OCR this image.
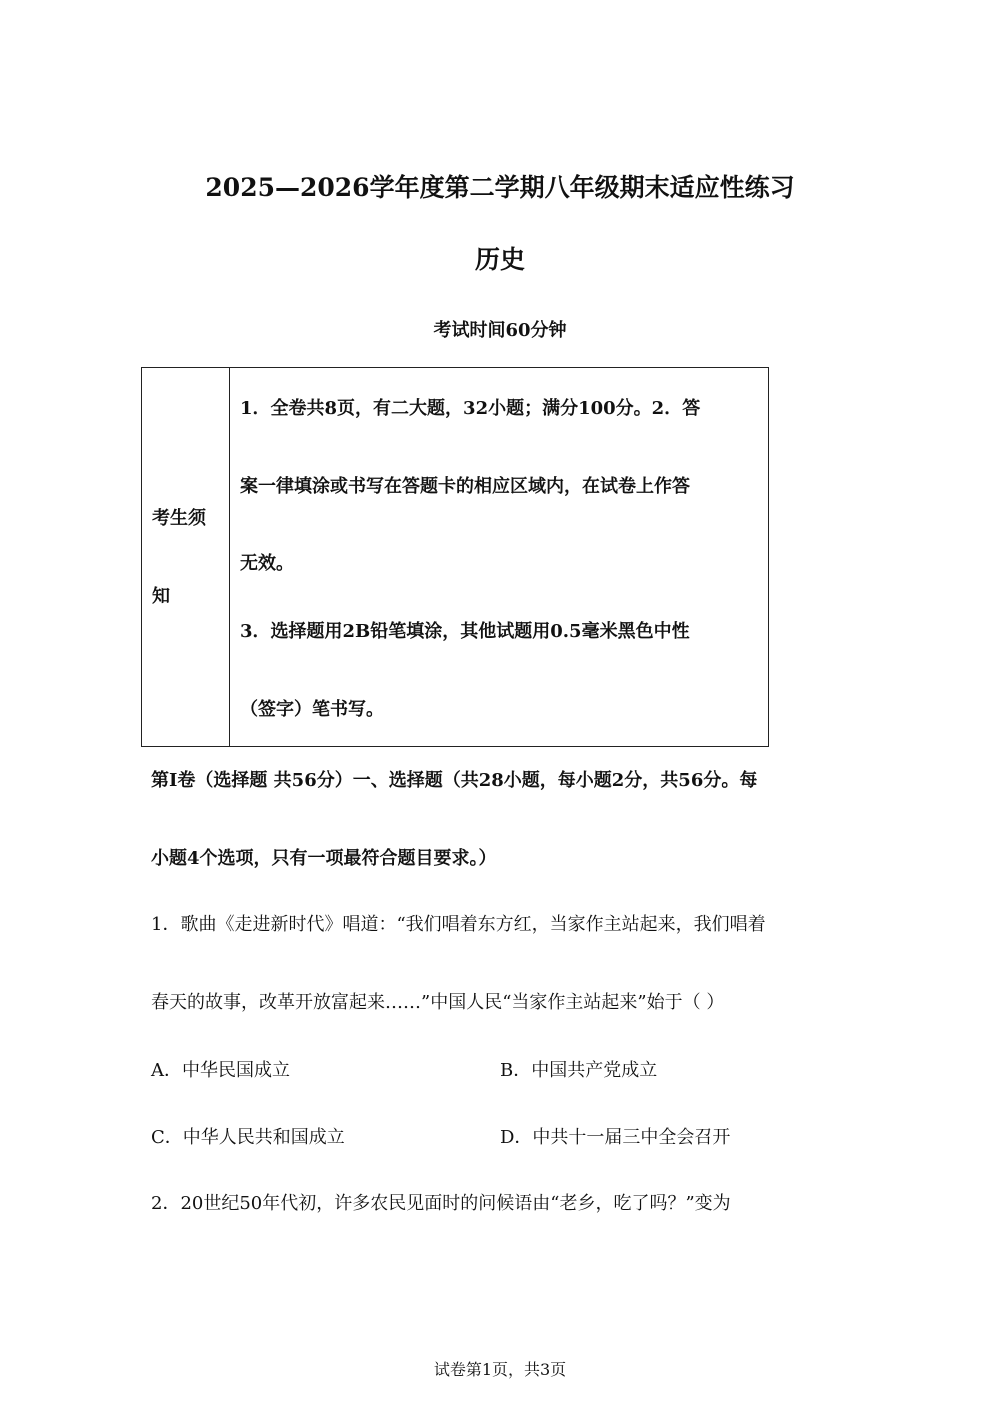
2025—2026学年度第二学期八年级期末适应性练习
历史
考试时间60分钟
考生须
知
1．全卷共8页，有二大题，32小题；满分100分。2．答
案一律填涂或书写在答题卡的相应区域内，在试卷上作答
无效。
3．选择题用2B铅笔填涂，其他试题用0.5毫米黑色中性
（签字）笔书写。
第Ⅰ卷（选择题 共56分）一、选择题（共28小题，每小题2分，共56分。每
小题4个选项，只有一项最符合题目要求。）
1．歌曲《走进新时代》唱道：“我们唱着东方红，当家作主站起来，我们唱着
春天的故事，改革开放富起来……”中国人民“当家作主站起来”始于（ ）
A．中华民国成立	B．中国共产党成立
C．中华人民共和国成立	D．中共十一届三中全会召开
2．20世纪50年代初，许多农民见面时的问候语由“老乡，吃了吗？”变为
试卷第1页，共3页
